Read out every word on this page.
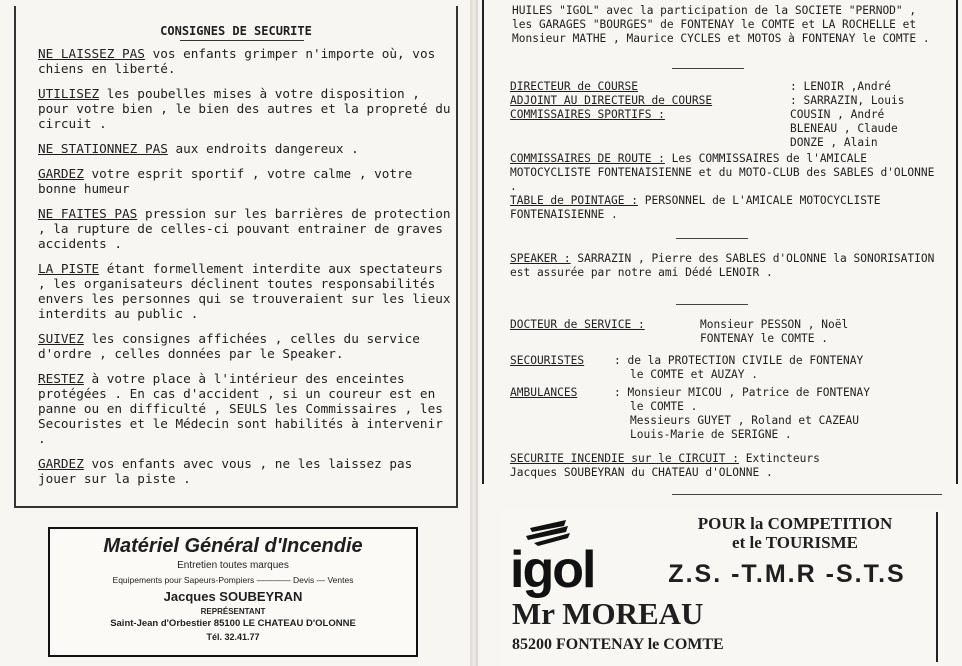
CONSIGNES DE SECURITE

NE LAISSEZ PAS vos enfants grimper n'importe où, vos chiens en liberté.

UTILISEZ les poubelles mises à votre disposition , pour votre bien , le bien des autres et la propreté du circuit .

NE STATIONNEZ PAS aux endroits dangereux .

GARDEZ votre esprit sportif , votre calme , votre bonne humeur

NE FAITES PAS pression sur les barrières de protection , la rupture de celles-ci pouvant entrainer de graves accidents .

LA PISTE étant formellement interdite aux spectateurs , les organisateurs déclinent toutes responsabilités envers les personnes qui se trouveraient sur les lieux interdits au public .

SUIVEZ les consignes affichées , celles du service d'ordre , celles données par le Speaker.

RESTEZ à votre place à l'intérieur des enceintes protégées . En cas d'accident , si un coureur est en panne ou en difficulté , SEULS les Commissaires , les Secouristes et le Médecin sont habilités à intervenir .

GARDEZ vos enfants avec vous , ne les laissez pas jouer sur la piste .

Matériel Général d'Incendie
Entretien toutes marques
Equipements pour Sapeurs-Pompiers ———— Devis — Ventes
Jacques SOUBEYRAN
REPRÉSENTANT
Saint-Jean d'Orbestier 85100 LE CHATEAU D'OLONNE
Tél. 32.41.77
HUILES "IGOL" avec la participation de la SOCIETE "PERNOD" , les GARAGES "BOURGES" de FONTENAY le COMTE et LA ROCHELLE et Monsieur MATHE , Maurice CYCLES et MOTOS à FONTENAY le COMTE .
DIRECTEUR de COURSE	: LENOIR ,André
ADJOINT AU DIRECTEUR de COURSE	: SARRAZIN, Louis
COMMISSAIRES SPORTIFS :	COUSIN , André
BLENEAU , Claude
DONZE , Alain
COMMISSAIRES DE ROUTE : Les COMMISSAIRES de l'AMICALE MOTOCYCLISTE FONTENAISIENNE et du MOTO-CLUB des SABLES d'OLONNE .
TABLE de POINTAGE : PERSONNEL de L'AMICALE MOTOCYCLISTE FONTENAISIENNE .
SPEAKER : SARRAZIN , Pierre des SABLES d'OLONNE la SONORISATION est assurée par notre ami Dédé LENOIR .
DOCTEUR de SERVICE :	Monsieur PESSON , Noël
FONTENAY le COMTE .
SECOURISTES	: de la PROTECTION CIVILE de FONTENAY
le COMTE et AUZAY .
AMBULANCES	: Monsieur MICOU , Patrice de FONTENAY
le COMTE .
Messieurs GUYET , Roland et CAZEAU
Louis-Marie de SERIGNE .
SECURITE INCENDIE sur le CIRCUIT : Extincteurs
Jacques SOUBEYRAN du CHATEAU d'OLONNE .
igol
POUR la COMPETITION
et le TOURISME
Z.S. -T.M.R -S.T.S
Mr MOREAU
85200 FONTENAY le COMTE
